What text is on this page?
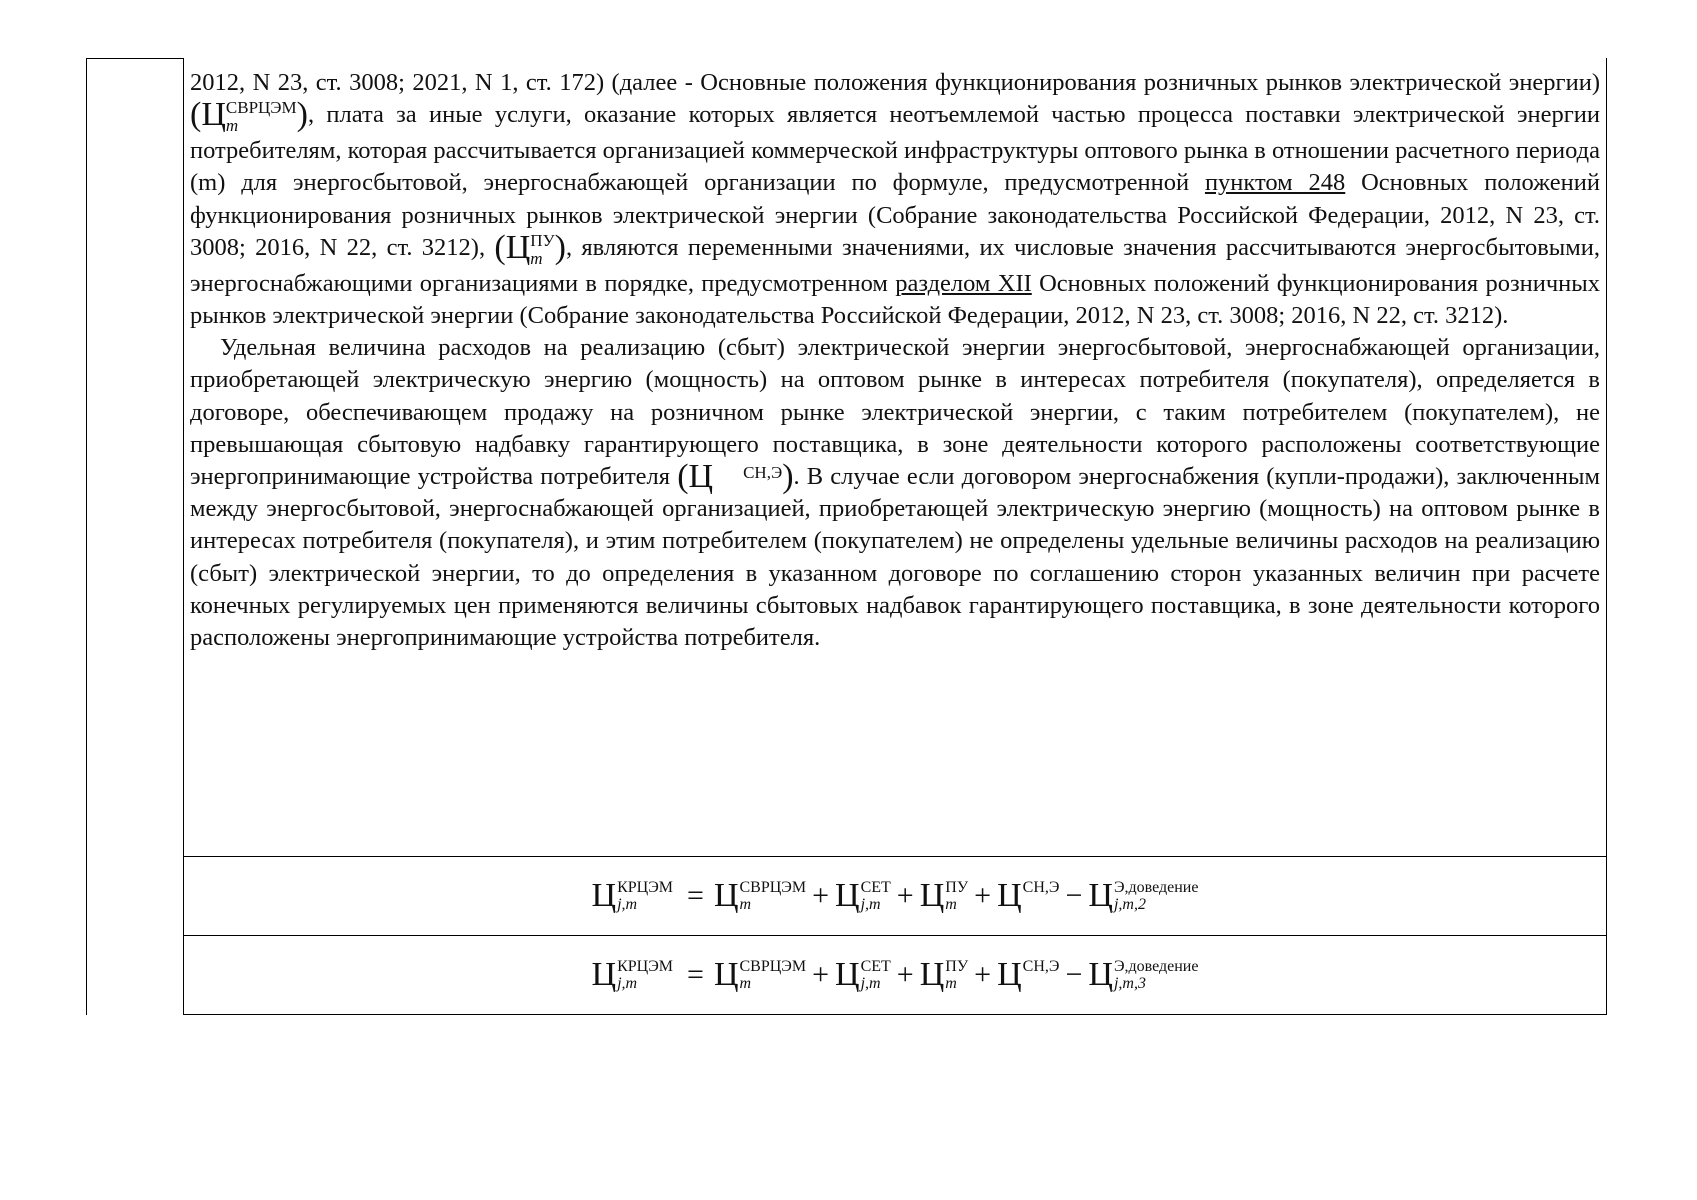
2012, N 23, ст. 3008; 2021, N 1, ст. 172) (далее - Основные положения функционирования розничных рынков электрической энергии) (Ц СВРЦЭМ
m	), плата за иные услуги, оказание которых является неотъемлемой частью процесса поставки электрической энергии потребителям, которая рассчитывается организацией коммерческой инфраструктуры оптового рынка в отношении расчетного периода (m) для энергосбытовой, энергоснабжающей организации по формуле, предусмотренной пунктом 248 Основных положений функционирования розничных рынков электрической энергии (Собрание законодательства Российской Федерации, 2012, N 23, ст. 3008; 2016, N 22, ст. 3212), (Ц ПУ
m ), являются переменными значениями, их числовые значения рассчитываются энергосбытовыми, энергоснабжающими организациями в порядке, предусмотренном разделом XII Основных положений функционирования розничных рынков электрической энергии (Собрание законодательства Российской Федерации, 2012, N 23, ст. 3008; 2016, N 22, ст. 3212).

Удельная величина расходов на реализацию (сбыт) электрической энергии энергосбытовой, энергоснабжающей организации, приобретающей электрическую энергию (мощность) на оптовом рынке в интересах потребителя (покупателя), определяется в договоре, обеспечивающем продажу на розничном рынке электрической энергии, с таким потребителем (покупателем), не превышающая сбытовую надбавку гарантирующего поставщика, в зоне деятельности которого расположены соответствующие энергопринимающие устройства потребителя (Ц	СН,Э ). В случае если договором энергоснабжения (купли-продажи), заключенным между энергосбытовой, энергоснабжающей организацией, приобретающей электрическую энергию (мощность) на оптовом рынке в интересах потребителя (покупателя), и этим потребителем (покупателем) не определены удельные величины расходов на реализацию (сбыт) электрической энергии, то до определения в указанном договоре по соглашению сторон указанных величин при расчете конечных регулируемых цен применяются величины сбытовых надбавок гарантирующего поставщика, в зоне деятельности которого расположены энергопринимающие устройства потребителя.

Ц КРЦЭМ
j,m	= Ц СВРЦЭМ
m	+ Ц СЕТ
j,m + Ц ПУ
m + Ц СН,Э
− Ц Э,доведение
j,m,2
Ц КРЦЭМ
j,m	= Ц СВРЦЭМ
m	+ Ц СЕТ
j,m + Ц ПУ
m + Ц СН,Э
− Ц Э,доведение
j,m,3
